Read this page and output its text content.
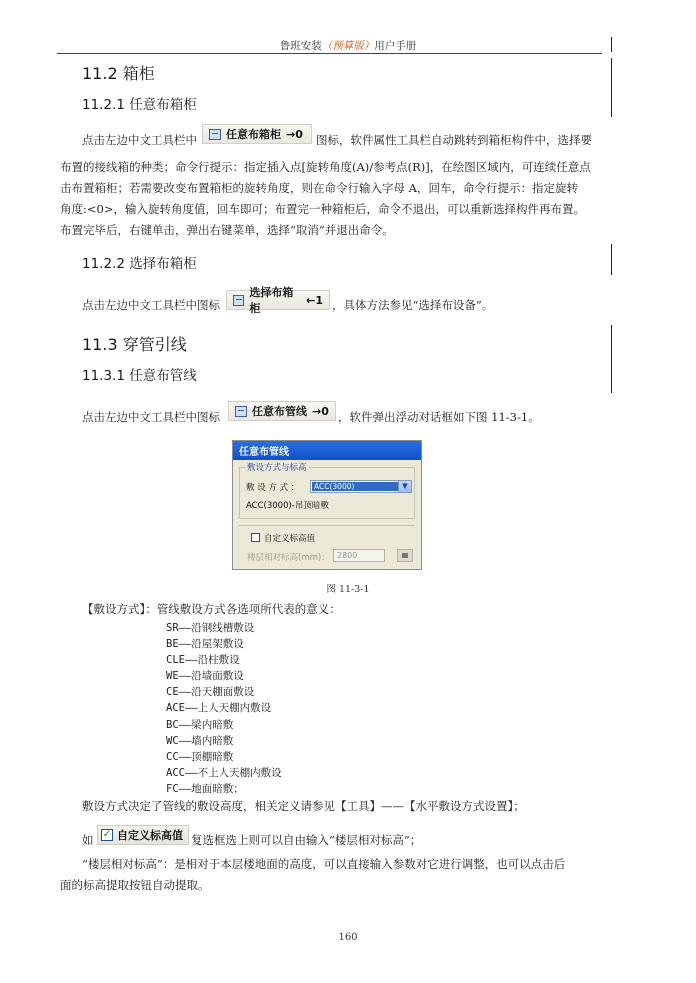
鲁班安装（预算版）用户手册
11.2 箱柜
11.2.1 任意布箱柜
点击左边中文工具栏中	任意布箱柜 →0 图标，软件属性工具栏自动跳转到箱柜构件中，选择要
布置的接线箱的种类；命令行提示：指定插入点[旋转角度(A)/参考点(R)]，在绘图区域内，可连续任意点
击布置箱柜；若需要改变布置箱柜的旋转角度，则在命令行输入字母 A，回车，命令行提示：指定旋转
角度:<0>，输入旋转角度值，回车即可；布置完一种箱柜后，命令不退出，可以重新选择构件再布置。
布置完毕后，右键单击，弹出右键菜单，选择“取消”并退出命令。
11.2.2 选择布箱柜
点击左边中文工具栏中图标
选择布箱柜
←1 ，具体方法参见“选择布设备”。
11.3 穿管引线
11.3.1 任意布管线
点击左边中文工具栏中图标	任意布管线 →0 ，软件弹出浮动对话框如下图 11-3-1。
任意布管线
敷设方式与标高
敷 设 方 式 ： ACC(3000)	▼
ACC(3000)-吊顶暗敷
自定义标高值
楼层相对标高(mm)： 2800
图 11-3-1
【敷设方式】：管线敷设方式各选项所代表的意义：
SR——沿钢线槽敷设
BE——沿屋架敷设
CLE——沿柱敷设
WE——沿墙面敷设
CE——沿天棚面敷设
ACE——上人天棚内敷设
BC——梁内暗敷
WC——墙内暗敷
CC——顶棚暗敷
ACC——不上人天棚内敷设
FC——地面暗敷；
敷设方式决定了管线的敷设高度，相关定义请参见【工具】——【水平敷设方式设置】；
如 ✓ 自定义标高值 复选框选上则可以自由输入“楼层相对标高”；
“楼层相对标高”：是相对于本层楼地面的高度，可以直接输入参数对它进行调整，也可以点击后
面的标高提取按钮自动提取。
160
